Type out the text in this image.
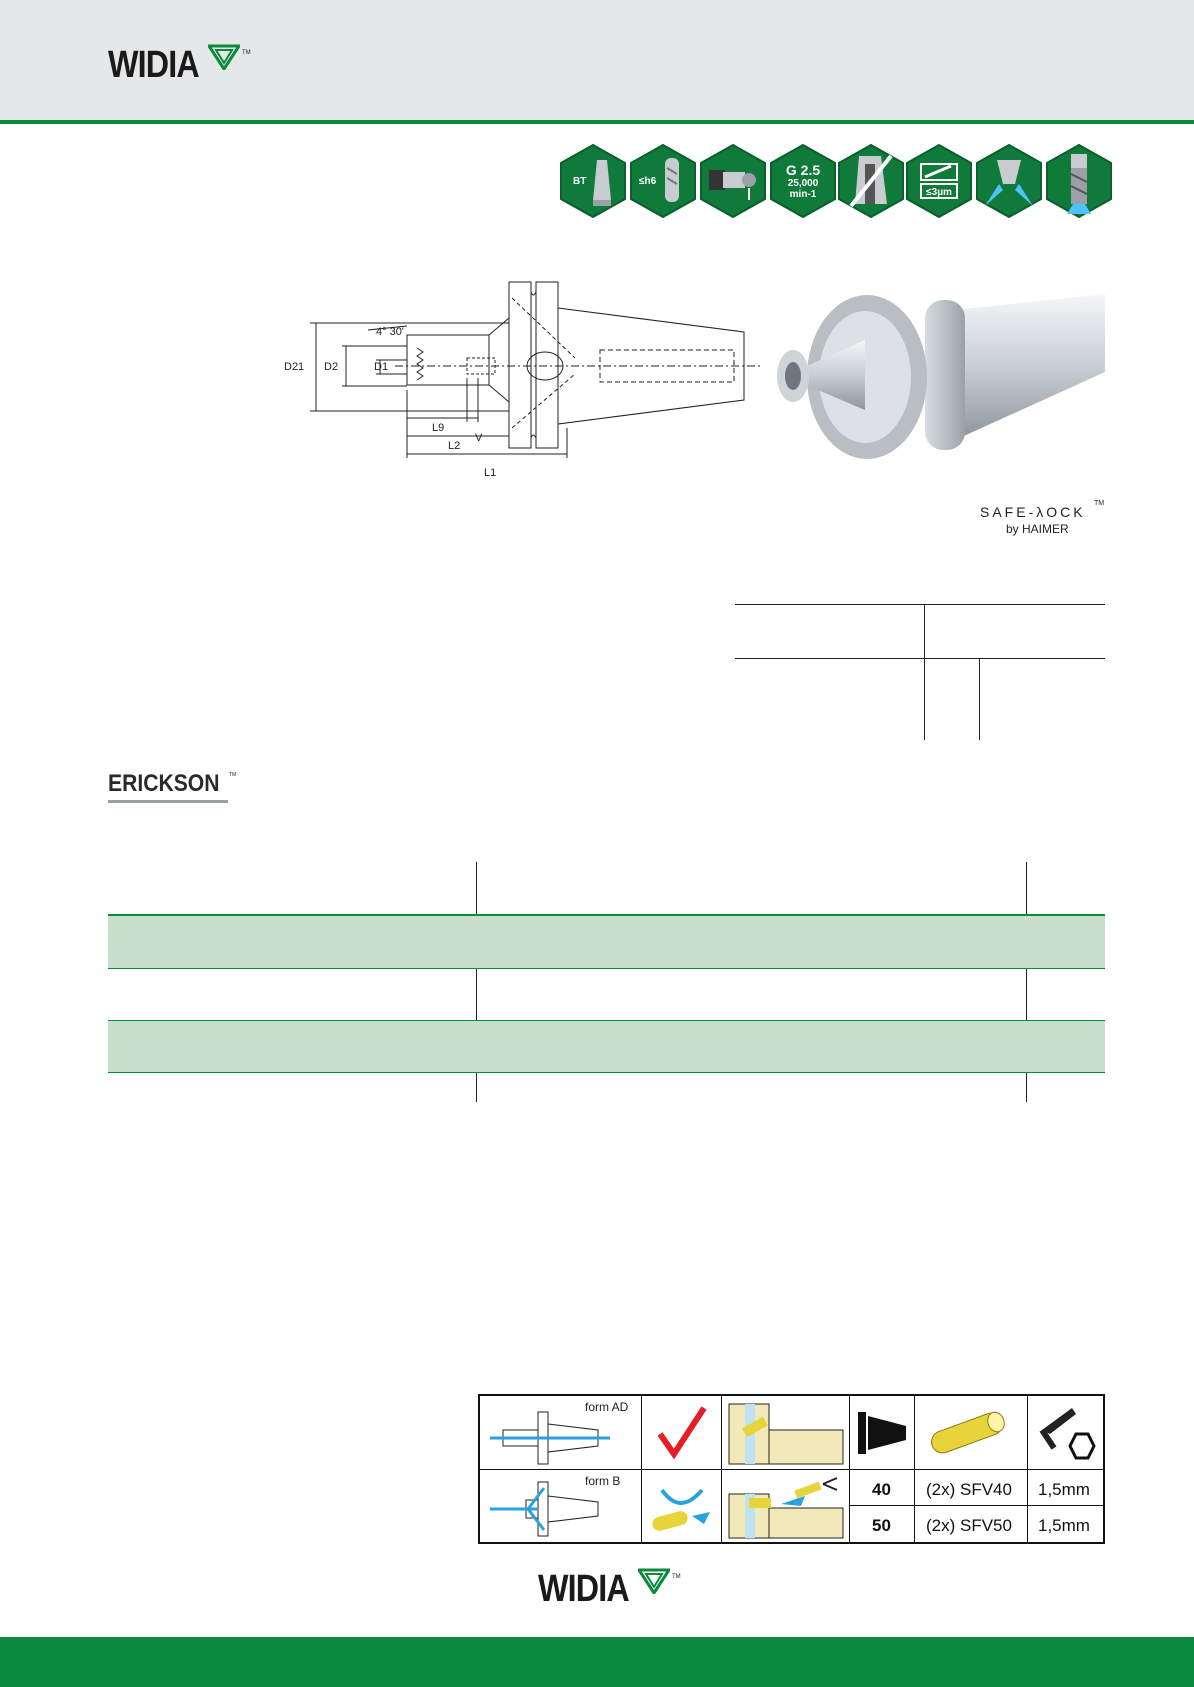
WIDIA	TM
BT	≤h6
G 2.5
25,000
min-1	≤3µm
4° 30'
D21 D2	D1
L9
V
L2
L1
SAFE-λOCK
TM
by HAIMER
ERICKSON TM
form AD
form B	40 (2x) SFV40 1,5mm
50 (2x) SFV50 1,5mm
WIDIA	TM
